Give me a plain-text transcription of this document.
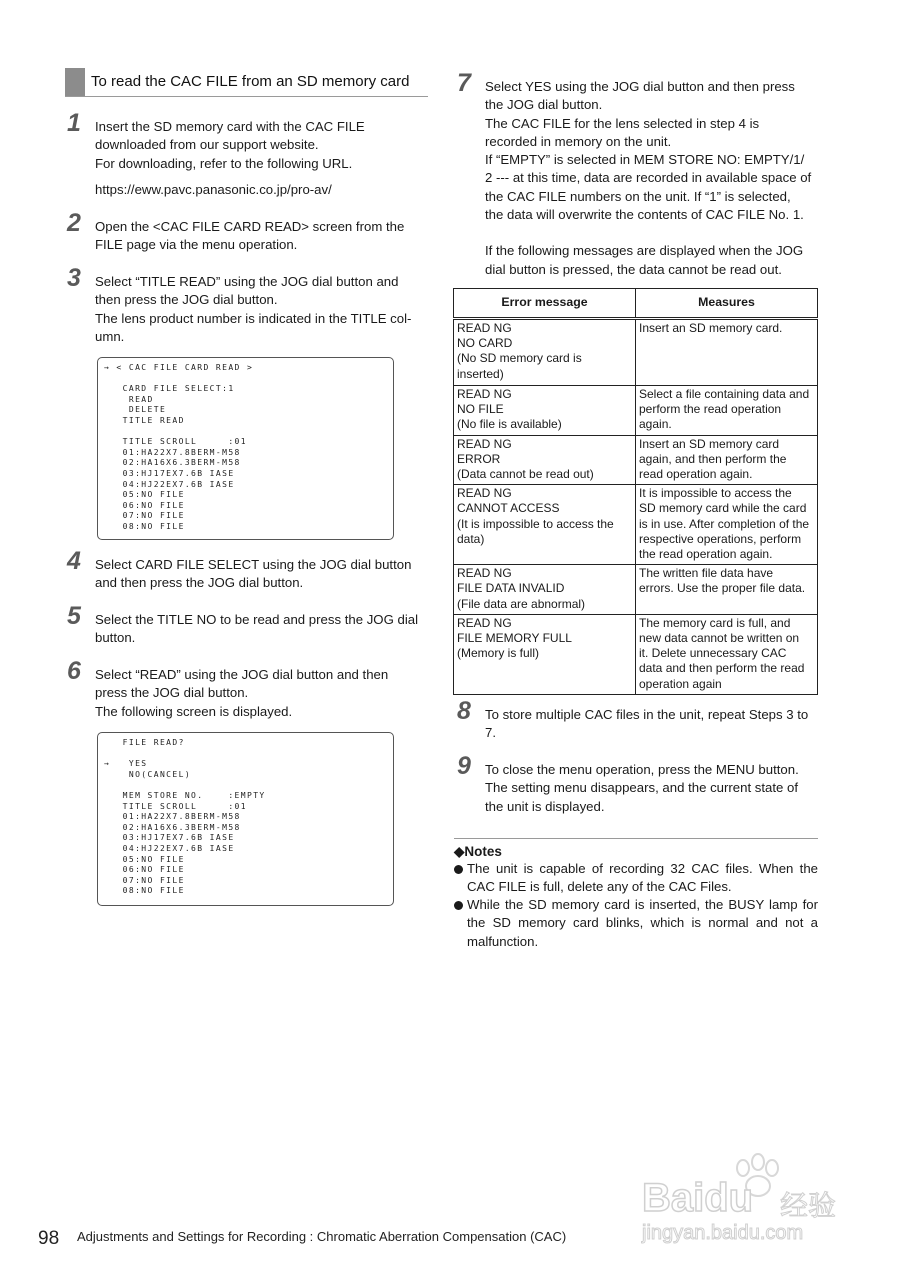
To read the CAC FILE from an SD memory card
1	Insert the SD memory card with the CAC FILE
downloaded from our support website.
For downloading, refer to the following URL.
https://eww.pavc.panasonic.co.jp/pro-av/
2	Open the <CAC FILE CARD READ> screen from the
FILE page via the menu operation.
3	Select “TITLE READ” using the JOG dial button and
then press the JOG dial button.
The lens product number is indicated in the TITLE col-
umn.
→ < CAC FILE CARD READ >

CARD FILE SELECT:1
READ
DELETE
TITLE READ

TITLE SCROLL     :01
01:HA22X7.8BERM-M58
02:HA16X6.3BERM-M58
03:HJ17EX7.6B IASE
04:HJ22EX7.6B IASE
05:NO FILE
06:NO FILE
07:NO FILE
08:NO FILE
4	Select CARD FILE SELECT using the JOG dial button
and then press the JOG dial button.
5	Select the TITLE NO to be read and press the JOG dial
button.
6	Select “READ” using the JOG dial button and then
press the JOG dial button.
The following screen is displayed.
FILE READ?

→   YES
NO(CANCEL)

MEM STORE NO.    :EMPTY
TITLE SCROLL     :01
01:HA22X7.8BERM-M58
02:HA16X6.3BERM-M58
03:HJ17EX7.6B IASE
04:HJ22EX7.6B IASE
05:NO FILE
06:NO FILE
07:NO FILE
08:NO FILE
7	Select YES using the JOG dial button and then press
the JOG dial button.
The CAC FILE for the lens selected in step 4 is
recorded in memory on the unit.
If “EMPTY” is selected in MEM STORE NO: EMPTY/1/
2 --- at this time, data are recorded in available space of
the CAC FILE numbers on the unit. If “1” is selected,
the data will overwrite the contents of CAC FILE No. 1.
If the following messages are displayed when the JOG
dial button is pressed, the data cannot be read out.
Error message	Measures
READ NG
NO CARD
(No SD memory card is
inserted)	Insert an SD memory card.
READ NG
NO FILE
(No file is available)	Select a file containing data and
perform the read operation
again.
READ NG
ERROR
(Data cannot be read out)	Insert an SD memory card
again, and then perform the
read operation again.
READ NG
CANNOT ACCESS
(It is impossible to access the
data)	It is impossible to access the
SD memory card while the card
is in use. After completion of the
respective operations, perform
the read operation again.
READ NG
FILE DATA INVALID
(File data are abnormal)	The written file data have
errors. Use the proper file data.
READ NG
FILE MEMORY FULL
(Memory is full)	The memory card is full, and
new data cannot be written on
it. Delete unnecessary CAC
data and then perform the read
operation again
8	To store multiple CAC files in the unit, repeat Steps 3 to
7.
9	To close the menu operation, press the MENU button.
The setting menu disappears, and the current state of
the unit is displayed.
◆Notes
The unit is capable of recording 32 CAC files. When the CAC FILE is full, delete any of the CAC Files.
While the SD memory card is inserted, the BUSY lamp for the SD memory card blinks, which is normal and not a malfunction.
Baidu 经验
jingyan.baidu.com
98 Adjustments and Settings for Recording : Chromatic Aberration Compensation (CAC)
